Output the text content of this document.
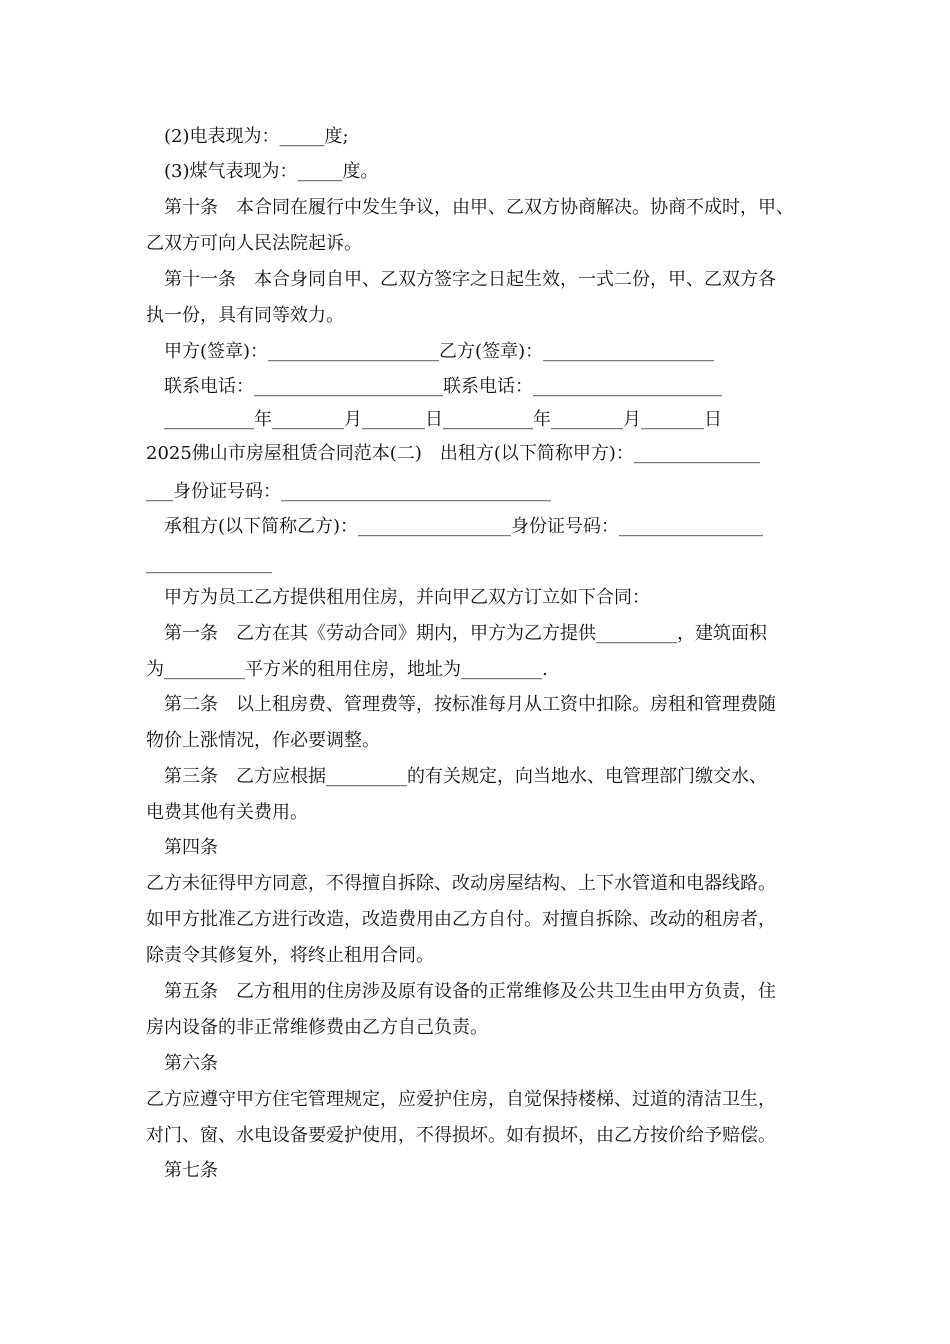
　(2)电表现为：_____度;
　(3)煤气表现为：_____度。
　第十条　本合同在履行中发生争议，由甲、乙双方协商解决。协商不成时，甲、
乙双方可向人民法院起诉。
　第十一条　本合身同自甲、乙双方签字之日起生效，一式二份，甲、乙双方各
执一份，具有同等效力。
　甲方(签章)：___________________乙方(签章)：___________________
　联系电话：_____________________联系电话：_____________________
　__________年________月_______日__________年________月_______日
2025佛山市房屋租赁合同范本(二)　出租方(以下简称甲方)：______________
___身份证号码：______________________________
　承租方(以下简称乙方)：_________________身份证号码：________________
______________
　甲方为员工乙方提供租用住房，并向甲乙双方订立如下合同：
　第一条　乙方在其《劳动合同》期内，甲方为乙方提供_________，建筑面积
为_________平方米的租用住房，地址为_________.
　第二条　以上租房费、管理费等，按标准每月从工资中扣除。房租和管理费随
物价上涨情况，作必要调整。
　第三条　乙方应根据_________的有关规定，向当地水、电管理部门缴交水、
电费其他有关费用。
　第四条
乙方未征得甲方同意，不得擅自拆除、改动房屋结构、上下水管道和电器线路。
如甲方批准乙方进行改造，改造费用由乙方自付。对擅自拆除、改动的租房者，
除责令其修复外，将终止租用合同。
　第五条　乙方租用的住房涉及原有设备的正常维修及公共卫生由甲方负责，住
房内设备的非正常维修费由乙方自己负责。
　第六条
乙方应遵守甲方住宅管理规定，应爱护住房，自觉保持楼梯、过道的清洁卫生，
对门、窗、水电设备要爱护使用，不得损坏。如有损坏，由乙方按价给予赔偿。
　第七条
